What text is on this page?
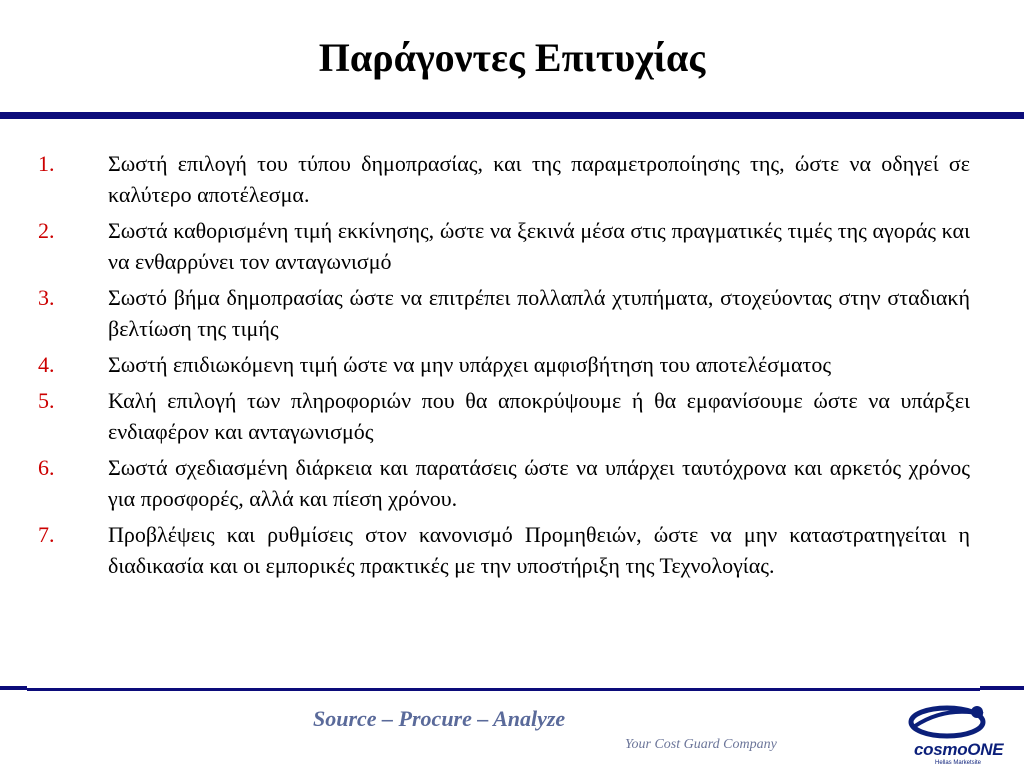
Παράγοντες Επιτυχίας
1.	Σωστή επιλογή του τύπου δημοπρασίας, και της παραμετροποίησης της, ώστε να οδηγεί σε καλύτερο αποτέλεσμα.
2.	Σωστά καθορισμένη τιμή εκκίνησης, ώστε να ξεκινά μέσα στις πραγματικές τιμές της αγοράς και να ενθαρρύνει τον ανταγωνισμό
3.	Σωστό βήμα δημοπρασίας ώστε να επιτρέπει πολλαπλά χτυπήματα, στοχεύοντας στην σταδιακή βελτίωση της τιμής
4.	Σωστή επιδιωκόμενη τιμή ώστε να μην υπάρχει αμφισβήτηση του αποτελέσματος
5.	Καλή επιλογή των πληροφοριών που θα αποκρύψουμε ή θα εμφανίσουμε ώστε να υπάρξει ενδιαφέρον και ανταγωνισμός
6.	Σωστά σχεδιασμένη διάρκεια και παρατάσεις ώστε να υπάρχει ταυτόχρονα και αρκετός χρόνος για προσφορές, αλλά και πίεση χρόνου.
7.	Προβλέψεις και ρυθμίσεις στον κανονισμό Προμηθειών, ώστε να μην καταστρατηγείται η διαδικασία και οι εμπορικές πρακτικές με την υποστήριξη της Τεχνολογίας.
Source – Procure – Analyze
Your Cost Guard Company	cosmoONE
Hellas Marketsite
